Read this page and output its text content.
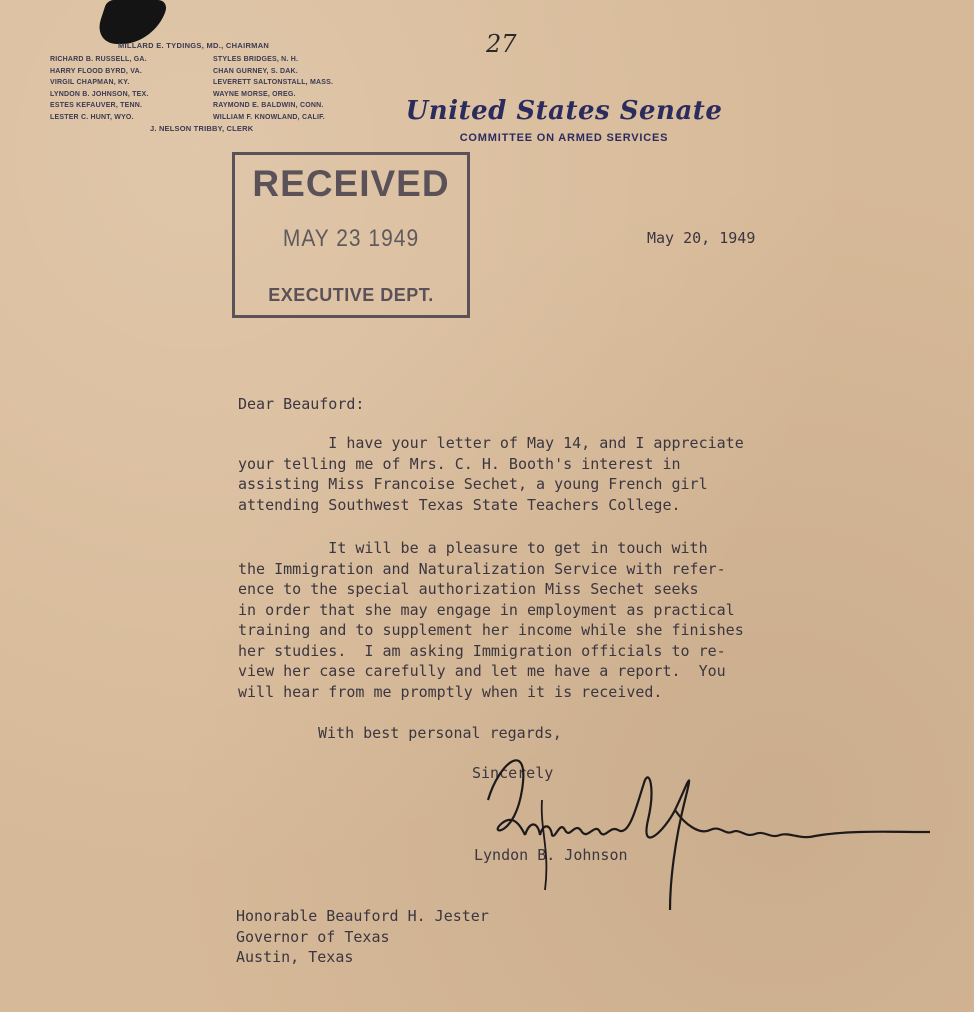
MILLARD E. TYDINGS, MD., CHAIRMAN
RICHARD B. RUSSELL, GA.	STYLES BRIDGES, N. H.
HARRY FLOOD BYRD, VA.	CHAN GURNEY, S. DAK.
VIRGIL CHAPMAN, KY.	LEVERETT SALTONSTALL, MASS.
LYNDON B. JOHNSON, TEX.	WAYNE MORSE, OREG.
ESTES KEFAUVER, TENN.	RAYMOND E. BALDWIN, CONN.
LESTER C. HUNT, WYO.	WILLIAM F. KNOWLAND, CALIF.
J. NELSON TRIBBY, CLERK
27
United States Senate
COMMITTEE ON ARMED SERVICES
RECEIVED
MAY 23 1949
EXECUTIVE DEPT.
May 20, 1949
Dear Beauford:
I have your letter of May 14, and I appreciate
your telling me of Mrs. C. H. Booth's interest in
assisting Miss Francoise Sechet, a young French girl
attending Southwest Texas State Teachers College.
It will be a pleasure to get in touch with
the Immigration and Naturalization Service with refer-
ence to the special authorization Miss Sechet seeks
in order that she may engage in employment as practical
training and to supplement her income while she finishes
her studies.  I am asking Immigration officials to re-
view her case carefully and let me have a report.  You
will hear from me promptly when it is received.
With best personal regards,
Sincerely
Lyndon B. Johnson
Honorable Beauford H. Jester
Governor of Texas
Austin, Texas
